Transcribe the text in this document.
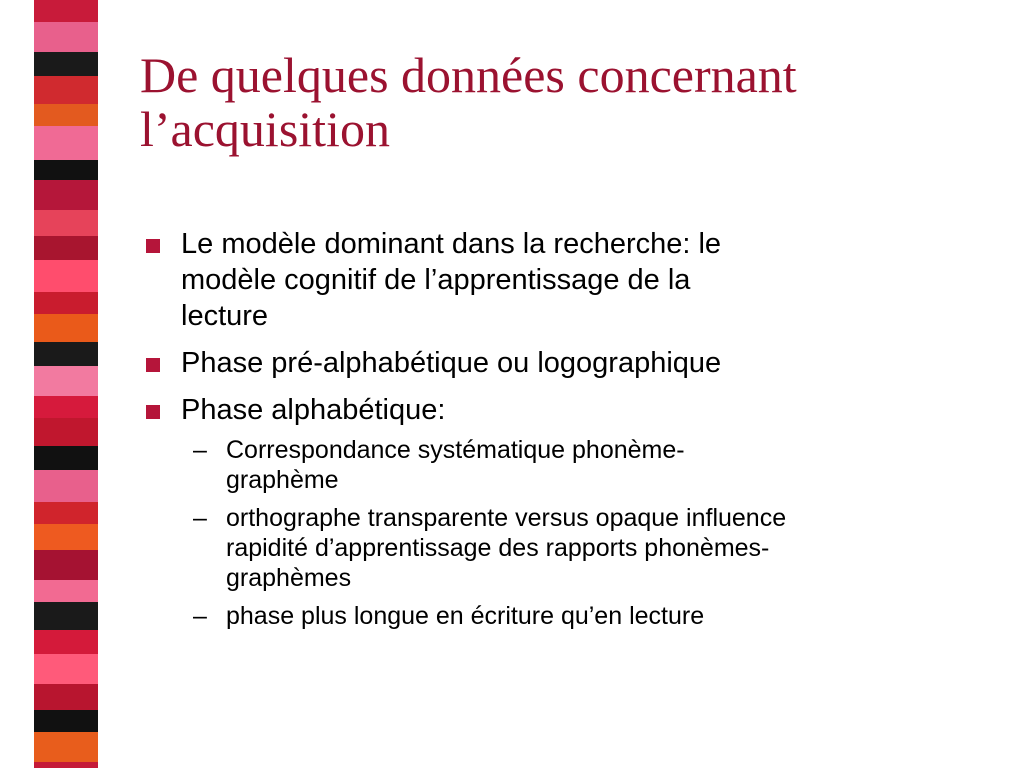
De quelques données concernant
l’acquisition
Le modèle dominant dans la recherche: le
modèle cognitif de l’apprentissage de la
lecture
Phase pré-alphabétique ou logographique
Phase alphabétique:
– Correspondance systématique phonème-
graphème
– orthographe transparente versus opaque influence
rapidité d’apprentissage des rapports phonèmes-
graphèmes
– phase plus longue en écriture qu’en lecture
